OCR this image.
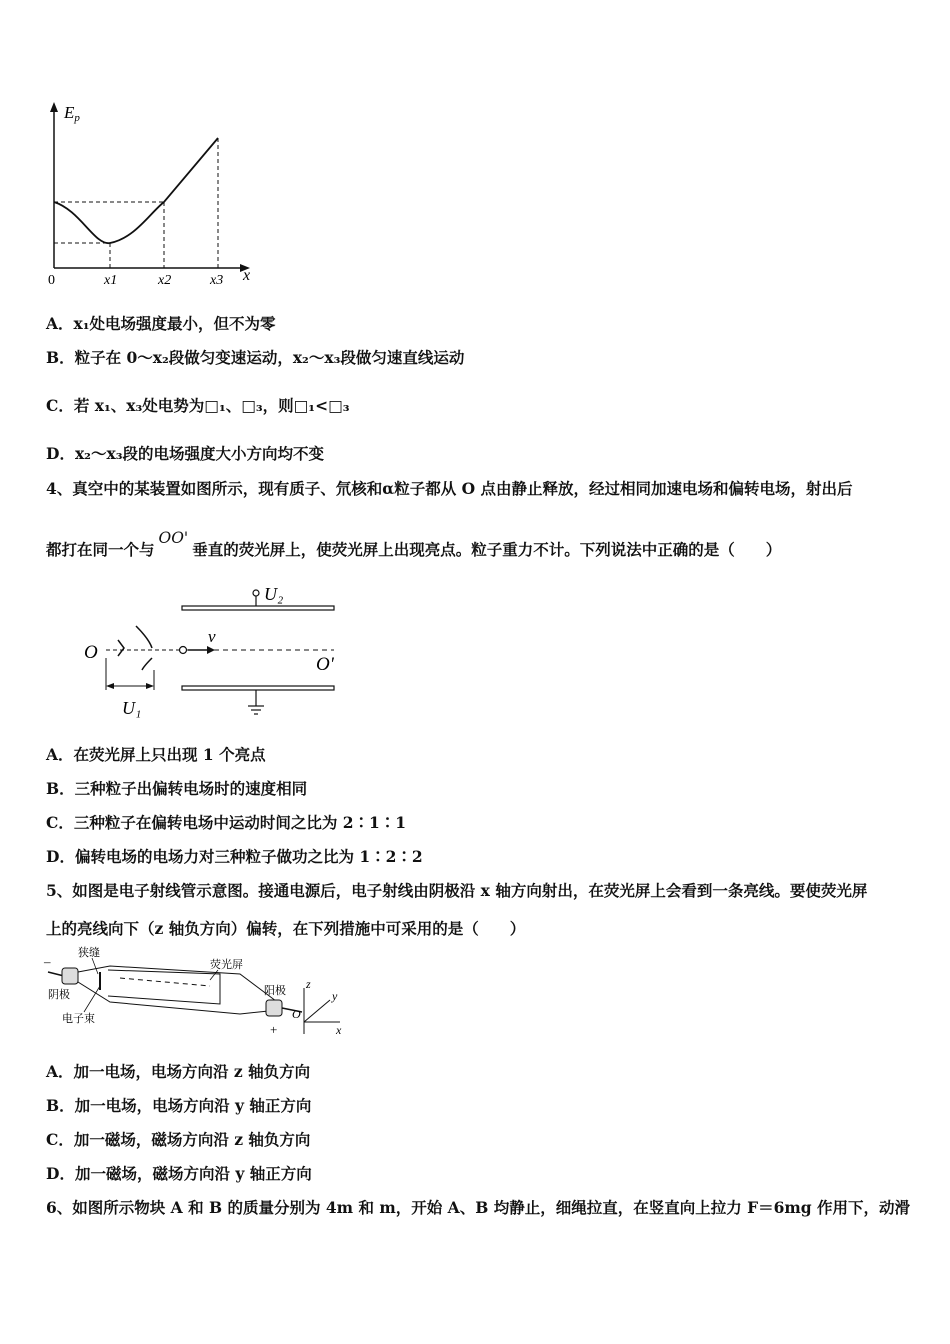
Ep
0	x1	x2	x3 x
A．x₁处电场强度最小，但不为零
B．粒子在 0～x₂段做匀变速运动，x₂～x₃段做匀速直线运动
C．若 x₁、x₃处电势为□₁、□₃，则□₁<□₃
D．x₂～x₃段的电场强度大小方向均不变
4、真空中的某装置如图所示，现有质子、氘核和α粒子都从 O 点由静止释放，经过相同加速电场和偏转电场，射出后
都打在同一个与OO'垂直的荧光屏上，使荧光屏上出现亮点。粒子重力不计。下列说法中正确的是（　　）
U₂
v
O
O'
U₁
A．在荧光屏上只出现 1 个亮点
B．三种粒子出偏转电场时的速度相同
C．三种粒子在偏转电场中运动时间之比为 2∶1∶1
D．偏转电场的电场力对三种粒子做功之比为 1∶2∶2
5、如图是电子射线管示意图。接通电源后，电子射线由阴极沿 x 轴方向射出，在荧光屏上会看到一条亮线。要使荧光屏
上的亮线向下（z 轴负方向）偏转，在下列措施中可采用的是（　　）
–
+
狭缝
荧光屏
阴极
电子束
阳极 z
y
x
O
A．加一电场，电场方向沿 z 轴负方向
B．加一电场，电场方向沿 y 轴正方向
C．加一磁场，磁场方向沿 z 轴负方向
D．加一磁场，磁场方向沿 y 轴正方向
6、如图所示物块 A 和 B 的质量分别为 4m 和 m，开始 A、B 均静止，细绳拉直，在竖直向上拉力 F＝6mg 作用下，动滑
